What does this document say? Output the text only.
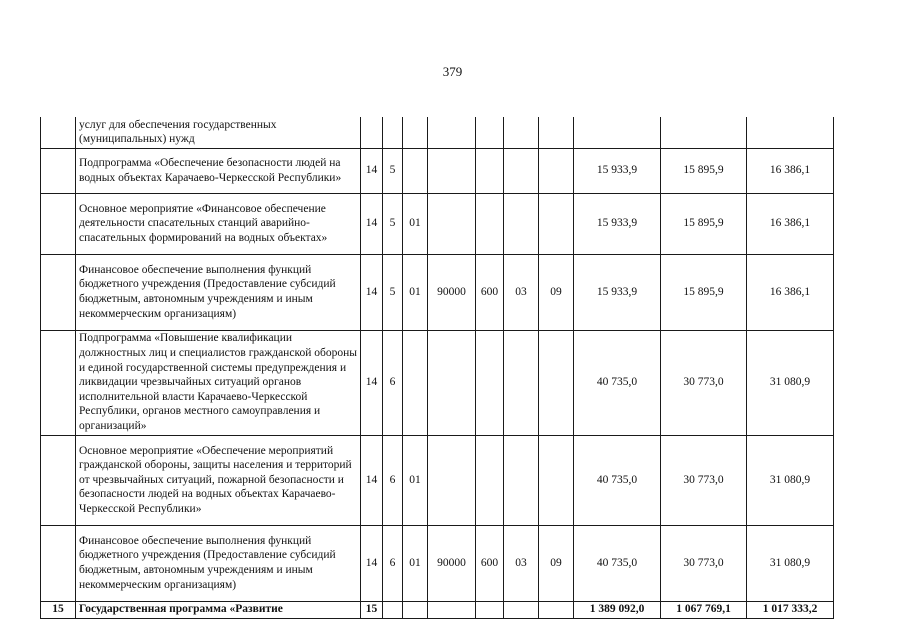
379
	услуг для обеспечения государственных (муниципальных) нужд										
	Подпрограмма «Обеспечение безопасности людей на водных объектах Карачаево-Черкесской Республики»	14	5						15 933,9	15 895,9	16 386,1
	Основное мероприятие «Финансовое обеспечение деятельности спасательных станций аварийно-спасательных формирований на водных объектах»	14	5	01					15 933,9	15 895,9	16 386,1
	Финансовое обеспечение выполнения функций бюджетного учреждения (Предоставление субсидий бюджетным, автономным учреждениям и иным некоммерческим организациям)	14	5	01	90000	600	03	09	15 933,9	15 895,9	16 386,1
	Подпрограмма «Повышение квалификации должностных лиц и специалистов гражданской обороны и единой государственной системы предупреждения и ликвидации чрезвычайных ситуаций органов исполнительной власти Карачаево-Черкесской Республики, органов местного самоуправления и организаций»	14	6						40 735,0	30 773,0	31 080,9
	Основное мероприятие «Обеспечение мероприятий гражданской обороны, защиты населения и территорий от чрезвычайных ситуаций, пожарной безопасности и безопасности людей на водных объектах Карачаево-Черкесской Республики»	14	6	01					40 735,0	30 773,0	31 080,9
	Финансовое обеспечение выполнения функций бюджетного учреждения (Предоставление субсидий бюджетным, автономным учреждениям и иным некоммерческим организациям)	14	6	01	90000	600	03	09	40 735,0	30 773,0	31 080,9
15	Государственная программа «Развитие	15							1 389 092,0	1 067 769,1	1 017 333,2
